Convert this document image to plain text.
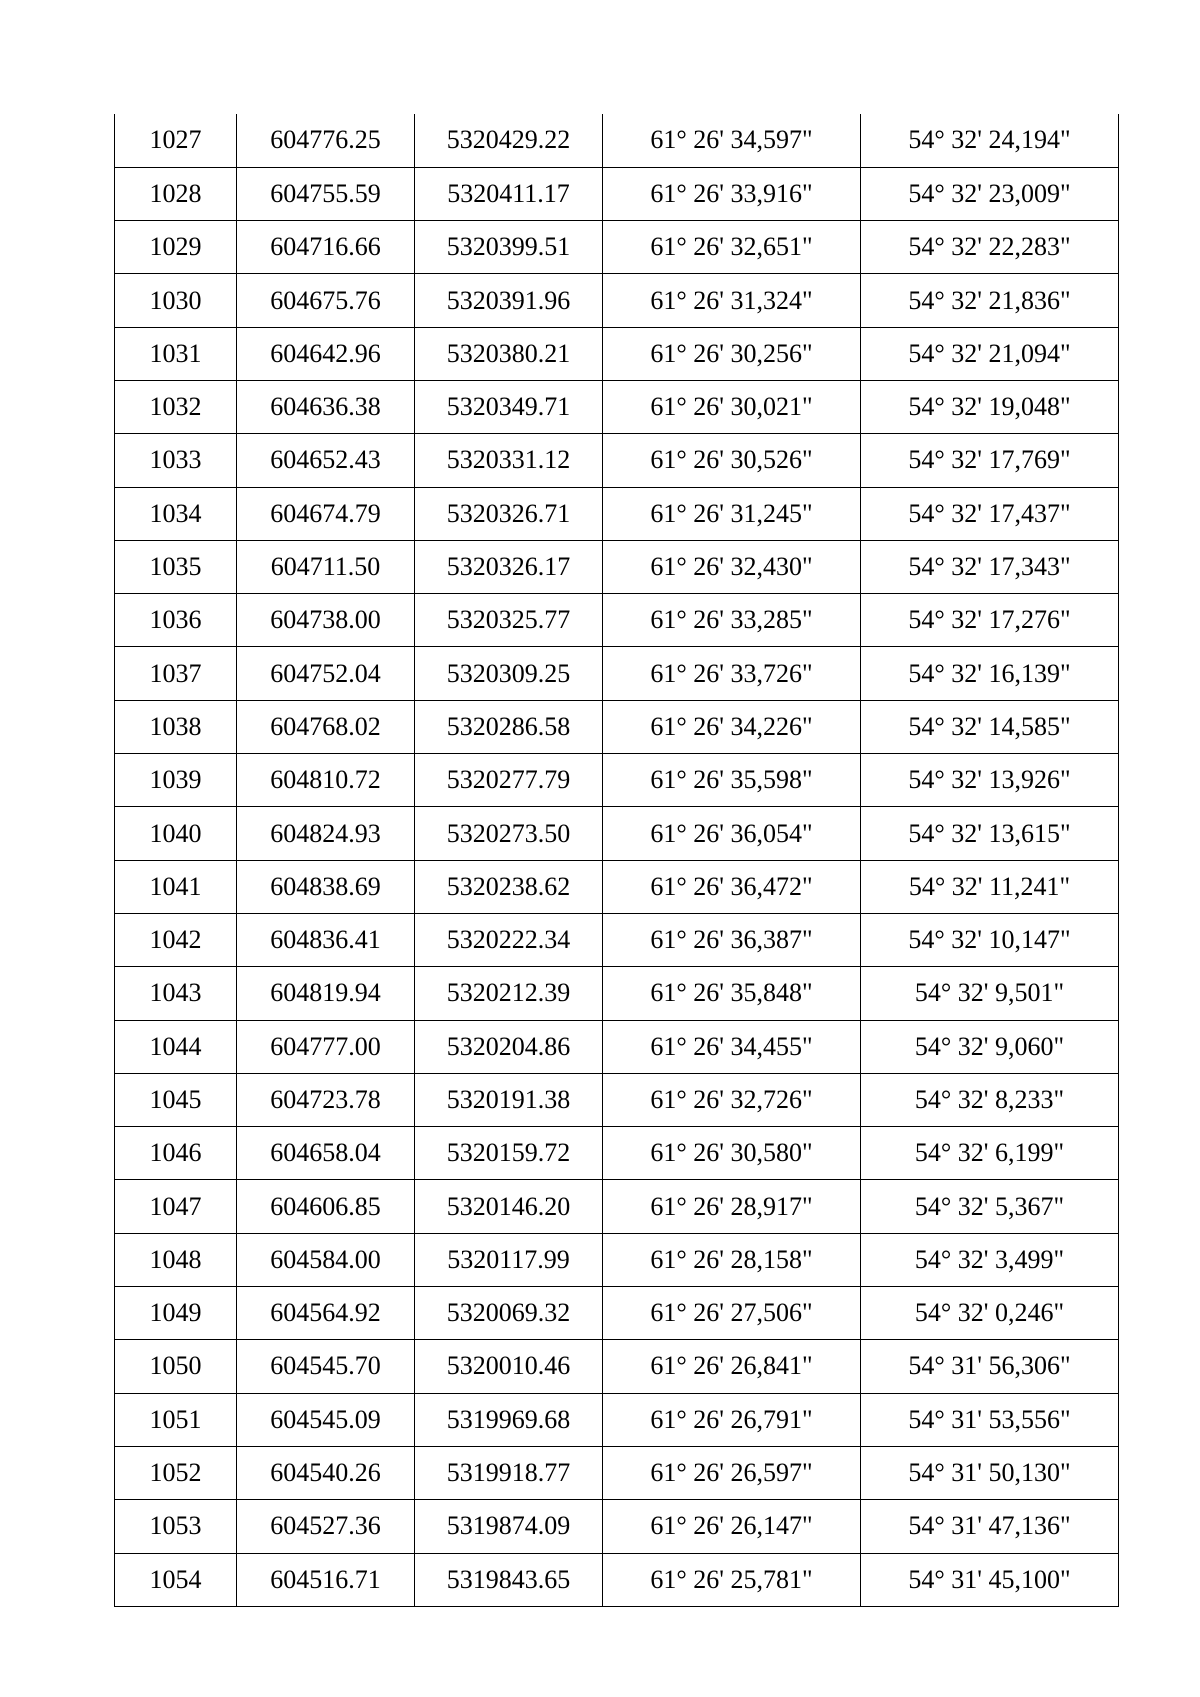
1027	604776.25	5320429.22	61° 26' 34,597"	54° 32' 24,194"
1028	604755.59	5320411.17	61° 26' 33,916"	54° 32' 23,009"
1029	604716.66	5320399.51	61° 26' 32,651"	54° 32' 22,283"
1030	604675.76	5320391.96	61° 26' 31,324"	54° 32' 21,836"
1031	604642.96	5320380.21	61° 26' 30,256"	54° 32' 21,094"
1032	604636.38	5320349.71	61° 26' 30,021"	54° 32' 19,048"
1033	604652.43	5320331.12	61° 26' 30,526"	54° 32' 17,769"
1034	604674.79	5320326.71	61° 26' 31,245"	54° 32' 17,437"
1035	604711.50	5320326.17	61° 26' 32,430"	54° 32' 17,343"
1036	604738.00	5320325.77	61° 26' 33,285"	54° 32' 17,276"
1037	604752.04	5320309.25	61° 26' 33,726"	54° 32' 16,139"
1038	604768.02	5320286.58	61° 26' 34,226"	54° 32' 14,585"
1039	604810.72	5320277.79	61° 26' 35,598"	54° 32' 13,926"
1040	604824.93	5320273.50	61° 26' 36,054"	54° 32' 13,615"
1041	604838.69	5320238.62	61° 26' 36,472"	54° 32' 11,241"
1042	604836.41	5320222.34	61° 26' 36,387"	54° 32' 10,147"
1043	604819.94	5320212.39	61° 26' 35,848"	54° 32' 9,501"
1044	604777.00	5320204.86	61° 26' 34,455"	54° 32' 9,060"
1045	604723.78	5320191.38	61° 26' 32,726"	54° 32' 8,233"
1046	604658.04	5320159.72	61° 26' 30,580"	54° 32' 6,199"
1047	604606.85	5320146.20	61° 26' 28,917"	54° 32' 5,367"
1048	604584.00	5320117.99	61° 26' 28,158"	54° 32' 3,499"
1049	604564.92	5320069.32	61° 26' 27,506"	54° 32' 0,246"
1050	604545.70	5320010.46	61° 26' 26,841"	54° 31' 56,306"
1051	604545.09	5319969.68	61° 26' 26,791"	54° 31' 53,556"
1052	604540.26	5319918.77	61° 26' 26,597"	54° 31' 50,130"
1053	604527.36	5319874.09	61° 26' 26,147"	54° 31' 47,136"
1054	604516.71	5319843.65	61° 26' 25,781"	54° 31' 45,100"
